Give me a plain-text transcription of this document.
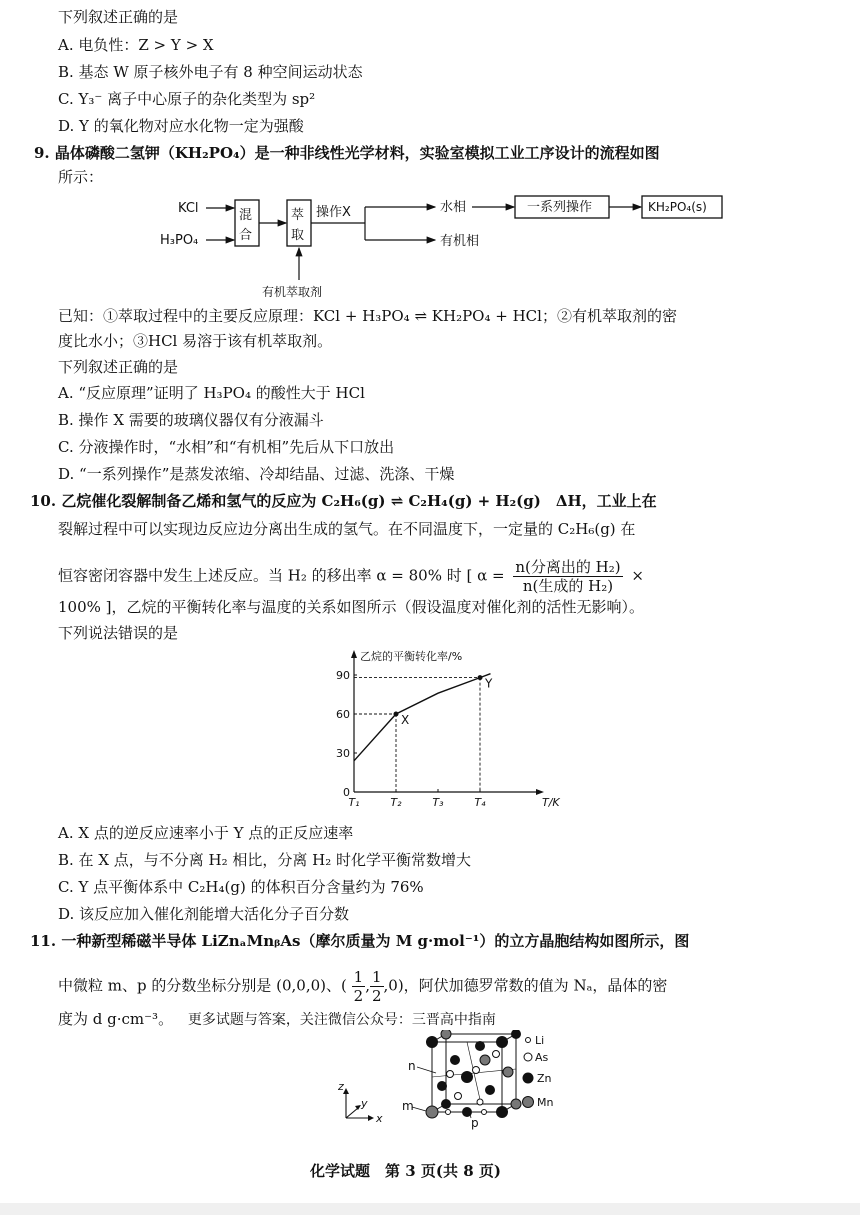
下列叙述正确的是
A. 电负性：Z > Y > X
B. 基态 W 原子核外电子有 8 种空间运动状态
C. Y₃⁻ 离子中心原子的杂化类型为 sp²
D. Y 的氧化物对应水化物一定为强酸
9. 晶体磷酸二氢钾（KH₂PO₄）是一种非线性光学材料，实验室模拟工业工序设计的流程如图
所示：
KCl
H₃PO₄
混
合
萃
取
操作X	水相
有机相
一系列操作	KH₂PO₄(s)
有机萃取剂
已知：①萃取过程中的主要反应原理：KCl + H₃PO₄ ⇌ KH₂PO₄ + HCl；②有机萃取剂的密
度比水小；③HCl 易溶于该有机萃取剂。
下列叙述正确的是
A. “反应原理”证明了 H₃PO₄ 的酸性大于 HCl
B. 操作 X 需要的玻璃仪器仅有分液漏斗
C. 分液操作时，“水相”和“有机相”先后从下口放出
D. “一系列操作”是蒸发浓缩、冷却结晶、过滤、洗涤、干燥
10. 乙烷催化裂解制备乙烯和氢气的反应为 C₂H₆(g) ⇌ C₂H₄(g) + H₂(g)　ΔH，工业上在
裂解过程中可以实现边反应边分离出生成的氢气。在不同温度下，一定量的 C₂H₆(g) 在
恒容密闭容器中发生上述反应。当 H₂ 的移出率 α = 80% 时 [ $\alpha = \frac{\text{n(分离出的 H₂)}}{\text{n(生成的 H₂)}}$ ×
100% ]，乙烷的平衡转化率与温度的关系如图所示（假设温度对催化剂的活性无影响）。
下列说法错误的是
乙烷的平衡转化率/%
T/K
0
30
60
90
T₁	T₂	T₃	T₄
X
Y
A. X 点的逆反应速率小于 Y 点的正反应速率
B. 在 X 点，与不分离 H₂ 相比，分离 H₂ 时化学平衡常数增大
C. Y 点平衡体系中 C₂H₄(g) 的体积百分含量约为 76%
D. 该反应加入催化剂能增大活化分子百分数
11. 一种新型稀磁半导体 LiZnₐMnᵦAs（摩尔质量为 M g·mol⁻¹）的立方晶胞结构如图所示，图
中微粒 m、p 的分数坐标分别是 (0,0,0)、( $\frac{1}{2}$ , $\frac{1}{2} ,0$)，阿伏加德罗常数的值为 Nₐ，晶体的密
度为 d g·cm⁻³。 更多试题与答案，关注微信公众号：三晋高中指南
z
y
x
n
m
p
Li
As
Zn
Mn
化学试题　第 3 页(共 8 页)
